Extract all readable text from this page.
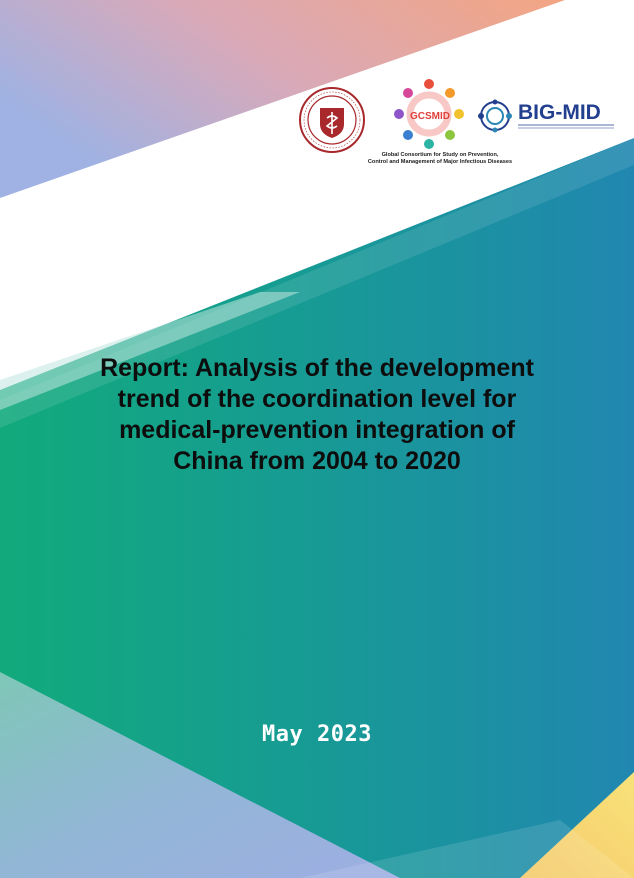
GCSMID	BIG-MID
Global Consortium for Study on Prevention,
Control and Management of Major Infectious Diseases
Report: Analysis of the development
trend of the coordination level for
medical-prevention integration of
China from 2004 to 2020
May 2023
